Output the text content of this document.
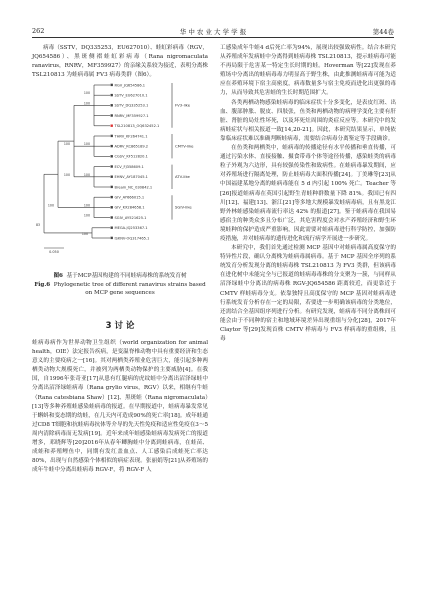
262	华 中 农 业 大 学 学 报	第44卷

病毒（SSTV，DQ335253，EU627010）、蛙虹彩病毒（RGV，JQ654586）、黑斑侧褶蛙虹彩病毒（Rana nigromaculata ranavirus，RNRV，MF359927）的亲缘关系较为接近，表明分离株 TSL210813 为蛙病毒属 FV3 病毒类群（图6）。

RGV_JQ654586.1
SSTV_EU627010.1
SSTV_DQ335253.1
RNRV_MF359927.1
TSL210813_OQ632452.1
THRV_KF264741.1
ADRV_KC865189.2
CGSV_KF512820.1
ECV_FJ358609.1
EHNV_AY187045.1
Bream_NC_030842.1
GIV_AY666015.1
GIV_KX284658.1
SGIV_AY521625.1
MEGA-JQ253367.1
ISKNV-OQ317465.1
FV3-like
CMTV-like
ATV-like
SGIV-like
100
100
100
100
100
100
100
100
100
100
83
0.050
图6 基于MCP基因构建的不同蛙病毒株的系统发育树
Fig.6 Phylogenetic tree of different ranavirus strains based on MCP gene sequences
3 讨 论

蛙病毒病作为世界动物卫生组织（world organization for animal health，OIE）法定报告疾病，是变温脊椎动物中具有重要经济和生态意义的主要疫病之一[16]。其对两栖类养殖业危害巨大，能引起多种两栖类动物大规模死亡，并被列为两栖类动物保护的主要威胁[4]。在我国，自1996年张奇亚[17]从患有红腿病的虎纹蛙中分离出沼泽绿蛙中分离出沼泽绿蛙病毒（Rana grylio virus，RGV）以来，相继有牛蛙（Rana catesbiana Shaw）[12]、黑斑蛙（Rana nigromaculata）[13]等多种养殖蛙感染蛙病毒的报道。在早期报道中，蛙病毒暴发常见于蝌蚪和变态期的幼蛙，在几天内可造成90%的死亡率[18]。成年蛙通过CD8 T细胞和抗蛙病毒抗体等介导的先天性免疫和适应性免疫在3～5周内清除病毒而无发病[19]。近年来成年蛙感染蛙病毒发病死亡的报道增多，邓晓辉等[20]2016年从春年鲫胸蛙中分离到蛙病毒，在蛙苗、成蛙和养殖鲤鱼中，同期有发红盖血点、人工感染后成蛙死亡率达80%，出现与自然感染个体相似的病症表现。张丽娟等[21]从养殖场的成年牛蛙中分离出蛙病毒 RGV-F，将 RGV-F 人

工感染成年牛蛙4 d后死亡率为94%，展现出较强致病性。结合本研究从养殖成年发病蛙中分离得到蛙病毒株 TSL210813，提示蛙病毒可能不再局限于危害某一特定生长时期的蛙。Hoverman 等[22]发现在养殖场中分离出的蛙病毒毒力明显高于野生株，由此推测蛙病毒可能为适应在养殖环境下宿主高密度，病毒数量多与宿主免疫而进化出更强的毒力，从而导致其危害蛙的生长时期范围扩大。

各类两栖动物感染蛙病毒的临床症状十分多变化，是表皮红斑、出血、腹部肿胀、脱皮、四肢张，鱼类和两栖动物的病理学变化主要有肝脏、肾脏的局灶性坏死，以及坏死灶周围的炎症反应等。本研究中的发病蛙症状与相关报道一致[14,20-21]。因此，本研究结果显示，单纯依靠临床症状难以准确判断蛙病毒，需要结合病毒分离鉴定等手段确诊。

在鱼类和两栖类中，蛙病毒的传播途径有水平传播和垂直传播，可通过污染水体、直接接触、摄食带毒个体等途径传播，感染蛙类的病毒粒子外观为六边形，具有较强传染性和致病性。在蛙病毒暴发期间，应对养殖场进行隔离处理，防止蛙病毒大面积传播[24]。丁美琳等[23]从中国福建某地分离的蛙病毒能在 5 d 内引起 100% 死亡。Teacher 等[26]报道蛙病毒在英国引起野生青蛙种群数量下降 81%。我国已有四川[12]、福建[13]、浙江[21]等多地大规模暴发蛙病毒病，且有黑龙江野外林蛙感染蛙病毒流行率达 42% 的报道[27]。鉴于蛙病毒在我国易感宿主的种类众多且分布广泛，其危害程度会对水产养殖经济和野生环境蛙种的保护造成严重影响，因此需要对蛙病毒进行科学防控，加强防疫措施，并对蛙病毒的遗传进化和流行病学开展进一步研究。

本研究中，我们首先通过检测 MCP 基因中对蛙病毒属高度保守的特异性片段，确认分离株为蛙病毒属病毒。基于 MCP 基因全序列的系统发育分析发现分离的蛙病毒株 TSL210813 为 FV3 类群，但该病毒在进化树中未能完全与已报道的蛙病毒毒株的分支聚为一簇，与同样从沼泽绿蛙中分离出的病毒株 RGV-JQ654586 距离较近，而更靠近于 CMTV 样蛙病毒分支。依靠独特且高度保守的 MCP 基因对蛙病毒进行系统发育分析存在一定的局限，若要进一步明确该病毒的分类地位，还需结合全基因组序列进行分析。有研究发现，蛙病毒不同分离株间可能会由于不同种的宿主和地域环境差异出现重组与分化[28]，2017年 Claytor 等[29]发现首株 CMTV 样病毒与 FV3 样病毒的重组株，且毒
